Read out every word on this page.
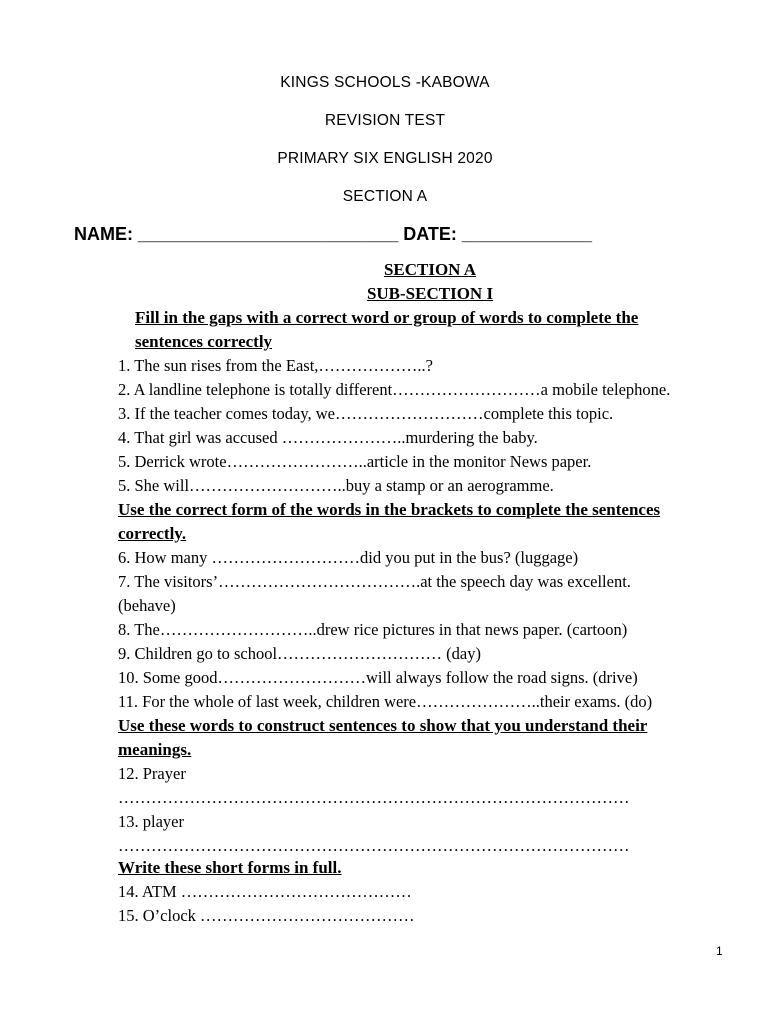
KINGS SCHOOLS -KABOWA
REVISION TEST
PRIMARY SIX ENGLISH 2020
SECTION A
NAME: __________________________ DATE: _____________
SECTION A
SUB-SECTION I
Fill in the gaps with a correct word or group of words to complete the
sentences correctly
1. The sun rises from the East,………………..?
2. A landline telephone is totally different………………………a mobile telephone.
3. If the teacher comes today, we………………………complete this topic.
4. That girl was accused …………………..murdering the baby.
5. Derrick wrote……………………..article in the monitor News paper.
5. She will………………………..buy a stamp or an aerogramme.
Use the correct form of the words in the brackets to complete the sentences
correctly.
6. How many ………………………did you put in the bus? (luggage)
7. The visitors’……………………………….at the speech day was excellent.
(behave)
8. The………………………..drew rice pictures in that news paper. (cartoon)
9. Children go to school………………………… (day)
10. Some good………………………will always follow the road signs. (drive)
11. For the whole of last week, children were…………………..their exams. (do)
Use these words to construct sentences to show that you understand their
meanings.
12. Prayer
…………………………………………………………………………………
13. player
…………………………………………………………………………………
Write these short forms in full.
14. ATM ……………………………………
15. O’clock …………………………………
1
